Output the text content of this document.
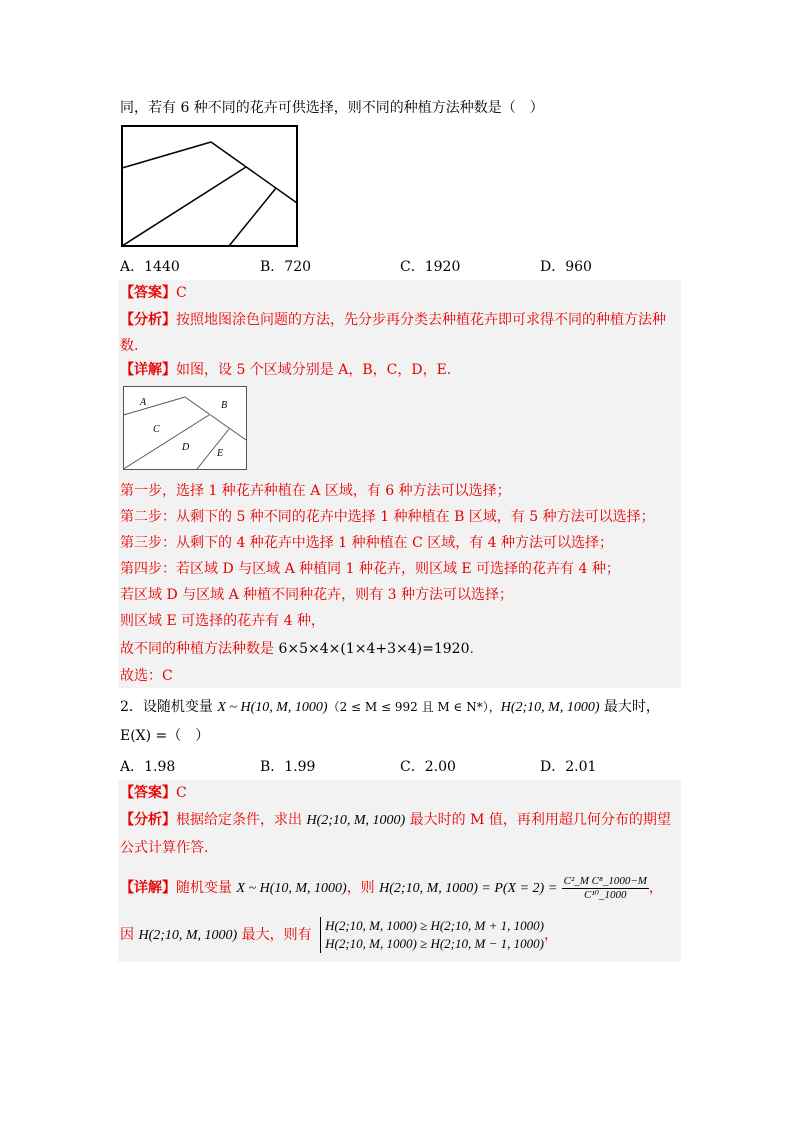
同，若有 6 种不同的花卉可供选择，则不同的种植方法种数是（　）
A．1440	B．720	C．1920	D．960
【答案】C
【分析】按照地图涂色问题的方法，先分步再分类去种植花卉即可求得不同的种植方法种
数.
【详解】如图，设 5 个区域分别是 A，B，C，D，E.
A	B
C
D
E
第一步，选择 1 种花卉种植在 A 区域，有 6 种方法可以选择；
第二步：从剩下的 5 种不同的花卉中选择 1 种种植在 B 区域，有 5 种方法可以选择；
第三步：从剩下的 4 种花卉中选择 1 种种植在 C 区域，有 4 种方法可以选择；
第四步：若区域 D 与区域 A 种植同 1 种花卉，则区域 E 可选择的花卉有 4 种；
若区域 D 与区域 A 种植不同种花卉，则有 3 种方法可以选择；
则区域 E 可选择的花卉有 4 种，
故不同的种植方法种数是 6×5×4×(1×4+3×4)=1920.
故选：C
2．设随机变量 X ~ H(10, M, 1000)（2 ≤ M ≤ 992 且 M ∈ N*），H(2;10, M, 1000) 最大时，
E(X) =（　）
A．1.98	B．1.99	C．2.00	D．2.01
【答案】C
【分析】根据给定条件，求出 H(2;10, M, 1000) 最大时的 M 值，再利用超几何分布的期望
公式计算作答.
【详解】随机变量 X ~ H(10, M, 1000)，则 H(2;10, M, $1000) = P(X = 2) = \frac{\text{C²\_M C⁸\_1000−M}}{\text{C¹⁰\_1000}}$，
因 H(2;10, M, 1000) 最大，则有
H(2;10, M, 1000) ≥ H(2;10, M + 1, 1000)
H(2;10, M, 1000) ≥ H(2;10, M − 1, 1000)
，
